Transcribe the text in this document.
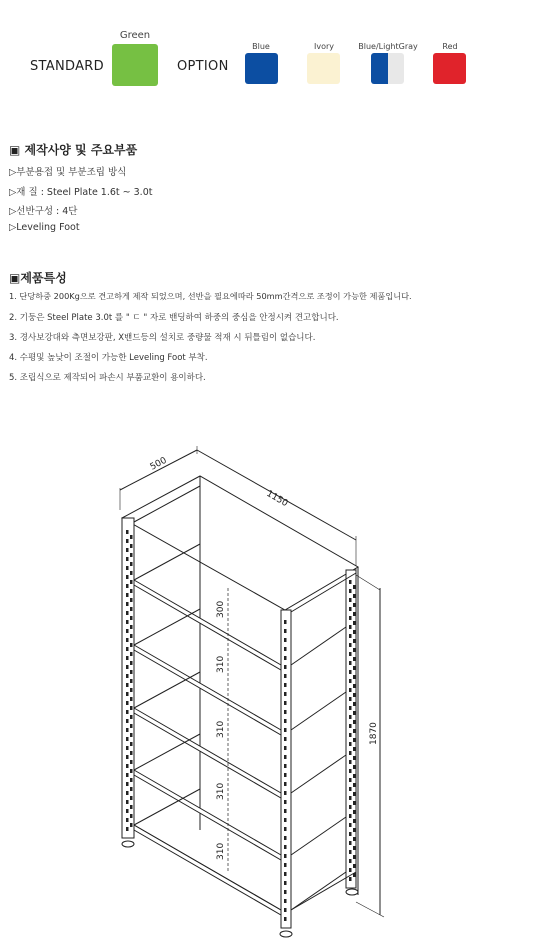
STANDARD
Green
OPTION
Blue	Ivory	Blue/LightGray	Red
▣ 제작사양 및 주요부품
▷부분용접 및 부분조립 방식
▷재 질 : Steel Plate 1.6t ~ 3.0t
▷선반구성 : 4단
▷Leveling Foot
▣제품특성
1. 단당하중 200Kg으로 견고하게 제작 되었으며, 선반을 필요에따라 50mm간격으로 조정이 가능한 제품입니다.
2. 기둥은 Steel Plate 3.0t 를 " ㄷ " 자로 밴딩하여 하중의 중심을 안정시켜 견고합니다.
3. 경사보강대와 측면보강판, X밴드등의 설치로 중량물 적재 시 뒤틀림이 없습니다.
4. 수평및 높낮이 조절이 가능한 Leveling Foot 부착.
5. 조립식으로 제작되어 파손시 부품교환이 용이하다.
500
1150
1870
300
310
310
310
310
